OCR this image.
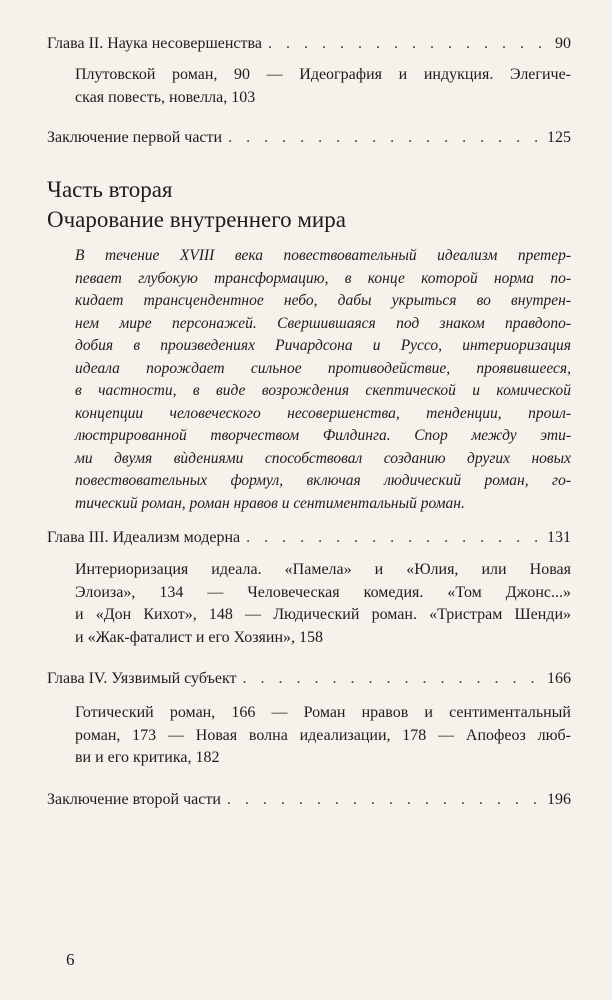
Глава II. Наука несовершенства . . .	90
Плутовской роман, 90 — Идеография и индукция. Элегиче-
ская повесть, новелла, 103
Заключение первой части . . .	125
Часть вторая
Очарование внутреннего мира
В течение XVIII века повествовательный идеализм претер-
певает глубокую трансформацию, в конце которой норма по-
кидает трансцендентное небо, дабы укрыться во внутрен-
нем мире персонажей. Свершившаяся под знаком правдопо-
добия в произведениях Ричардсона и Руссо, интериоризация
идеала порождает сильное противодействие, проявившееся,
в частности, в виде возрождения скептической и комической
концепции человеческого несовершенства, тенденции, проил-
люстрированной творчеством Филдинга. Спор между эти-
ми двумя вѝдениями способствовал созданию других новых
повествовательных формул, включая людический роман, го-
тический роман, роман нравов и сентиментальный роман.
Глава III. Идеализм модерна . . .	131
Интериоризация идеала. «Памела» и «Юлия, или Новая
Элоиза», 134 — Человеческая комедия. «Том Джонс...»
и «Дон Кихот», 148 — Людический роман. «Тристрам Шенди»
и «Жак-фаталист и его Хозяин», 158
Глава IV. Уязвимый субъект . . .	166
Готический роман, 166 — Роман нравов и сентиментальный
роман, 173 — Новая волна идеализации, 178 — Апофеоз люб-
ви и его критика, 182
Заключение второй части . . .	196
6
